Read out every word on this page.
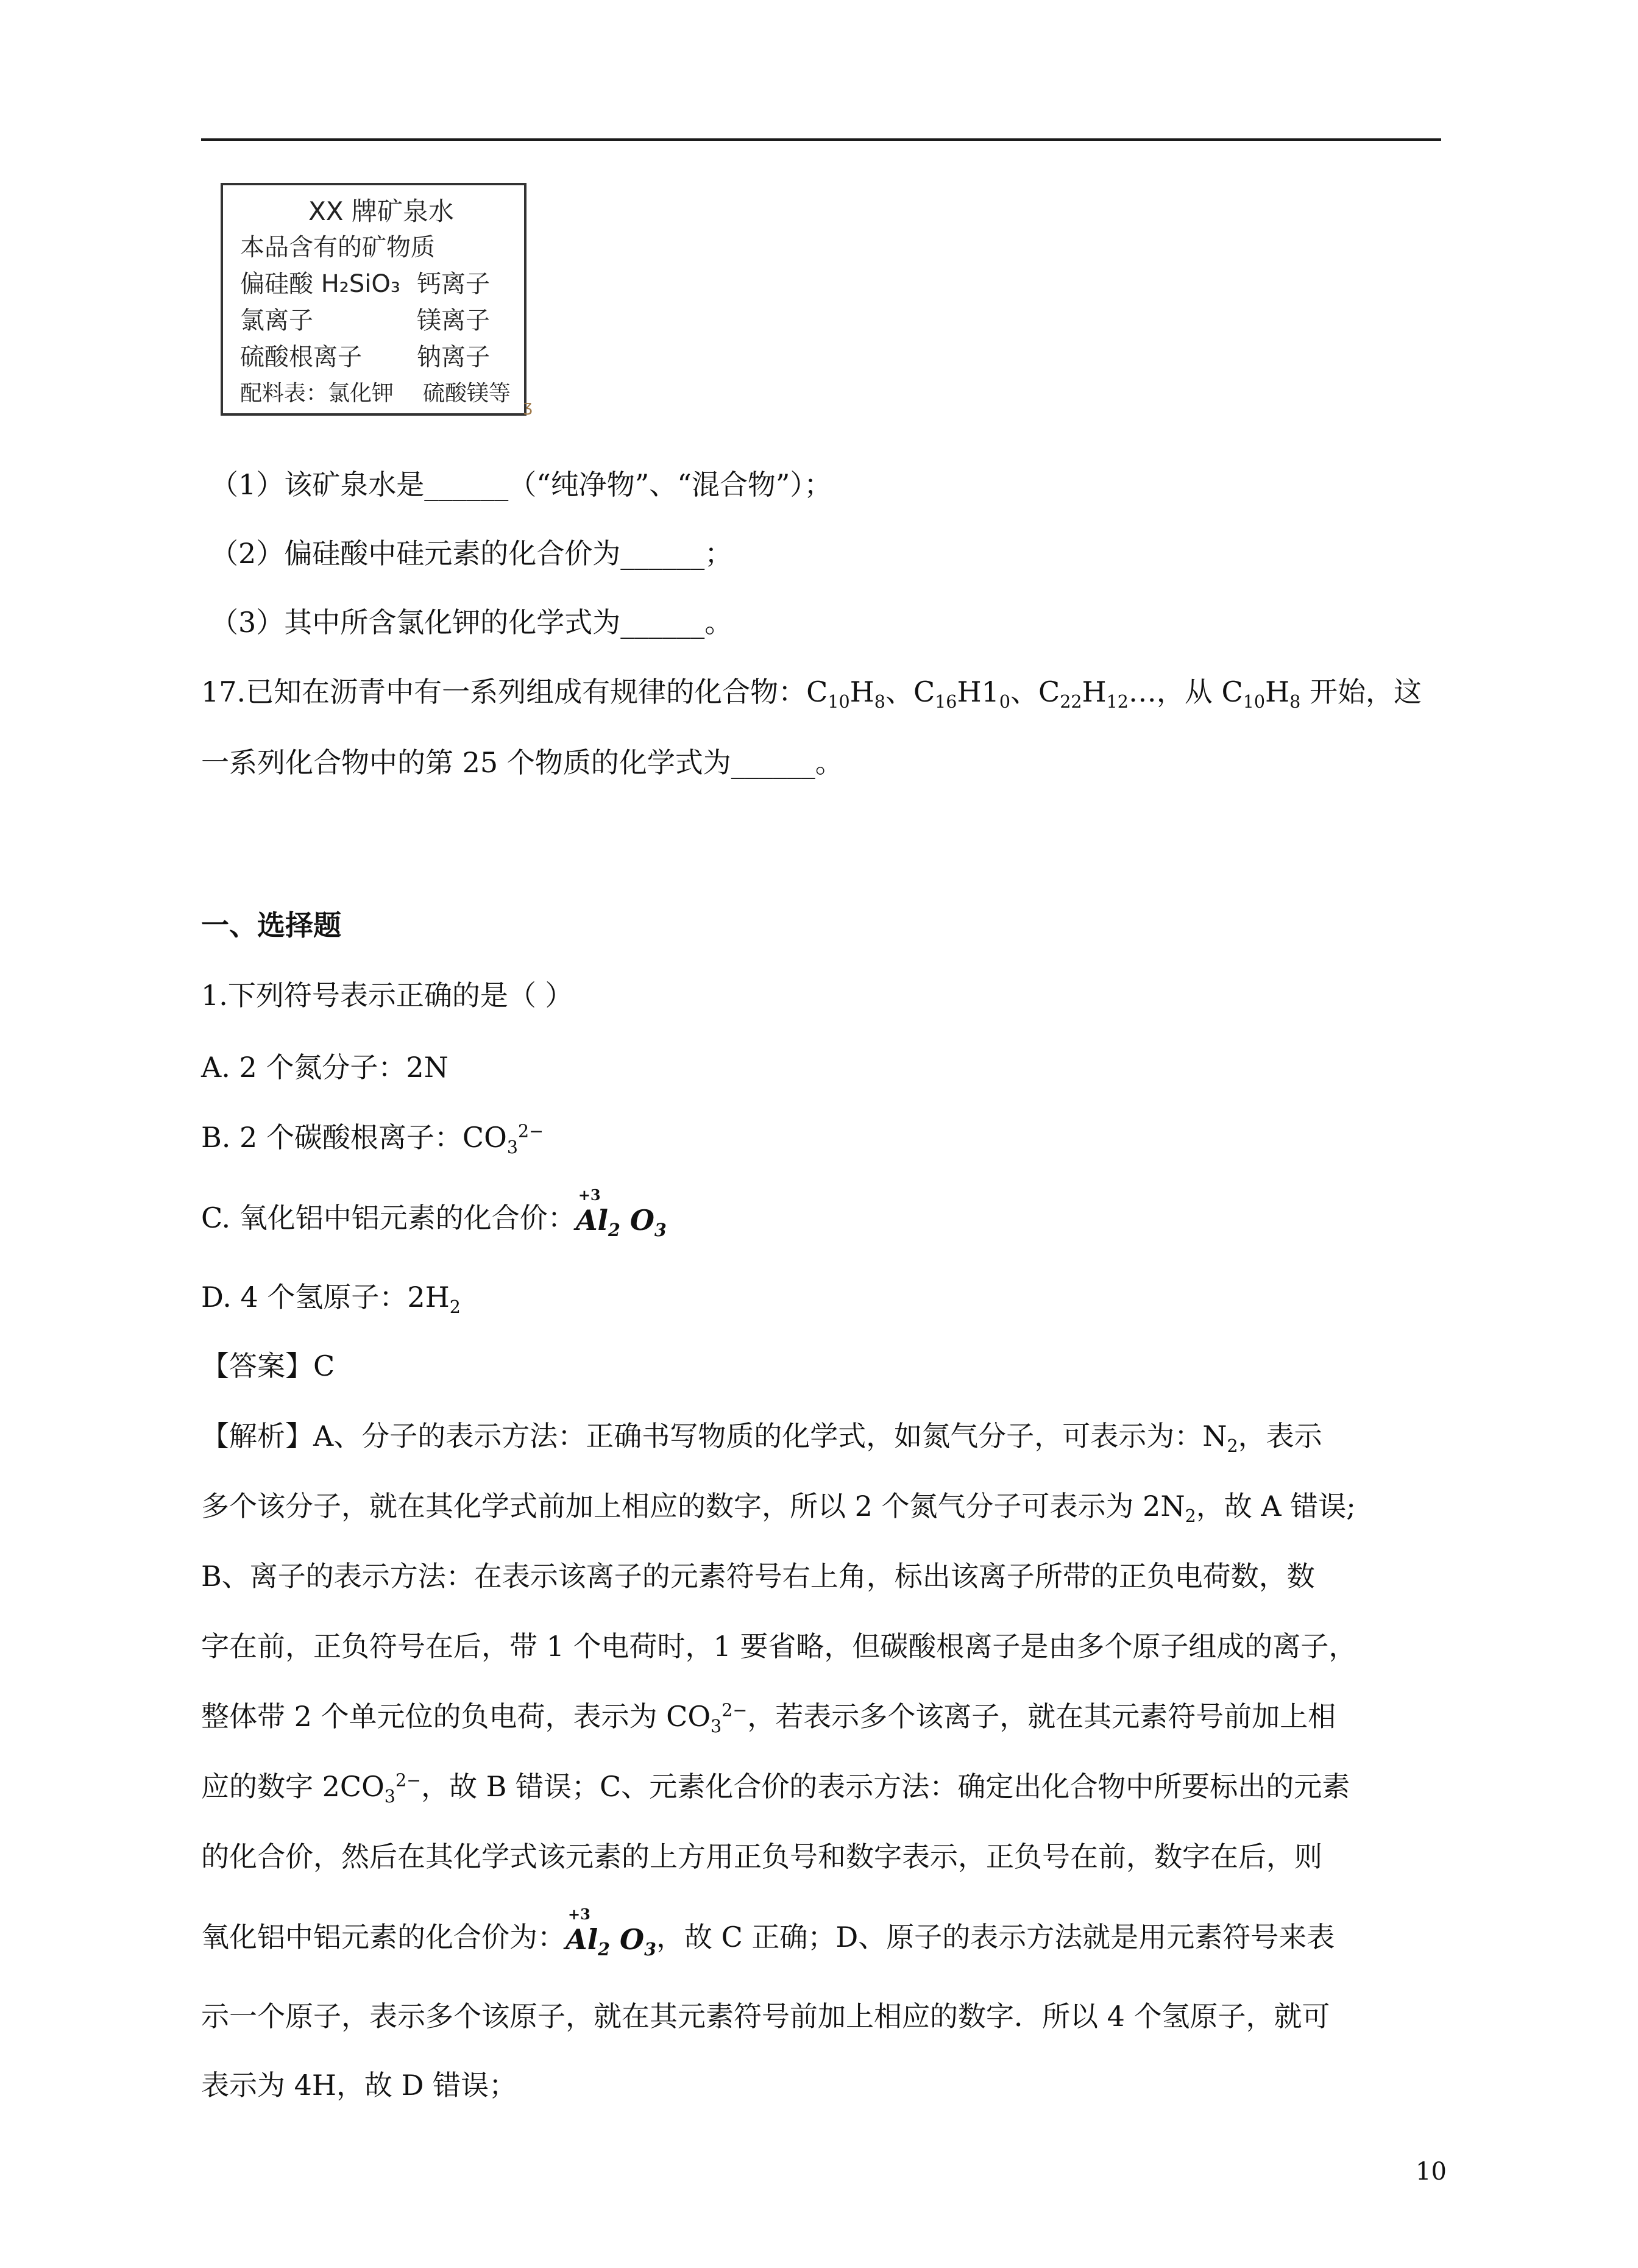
XX 牌矿泉水
本品含有的矿物质
偏硅酸 H₂SiO₃ 钙离子
氯离子	镁离子
硫酸根离子 钠离子
配料表：氯化钾 硫酸镁等
ʒ
（1）该矿泉水是______（“纯净物”、“混合物”）；
（2）偏硅酸中硅元素的化合价为______；
（3）其中所含氯化钾的化学式为______。
17.已知在沥青中有一系列组成有规律的化合物：$C_{10}H_8$、$C_{16}H1_0$、$C_{22}H_{12}\dots$，从 $C_{10}H_8$ 开始，这
一系列化合物中的第 25 个物质的化学式为______。
一、选择题
1.下列符号表示正确的是（ ）
A. 2 个氮分子：2N
B. 2 个碳酸根离子：$CO_3^{2-}$
C. 氧化铝中铝元素的化合价：
+3
$Al_2$ $O_3$
D. 4 个氢原子：$2H_2$
【答案】C
【解析】A、分子的表示方法：正确书写物质的化学式，如氮气分子，可表示为：$N_2$，表示
多个该分子，就在其化学式前加上相应的数字，所以 2 个氮气分子可表示为 $2N_2$，故 A 错误;
B、离子的表示方法：在表示该离子的元素符号右上角，标出该离子所带的正负电荷数，数
字在前，正负符号在后，带 1 个电荷时，1 要省略，但碳酸根离子是由多个原子组成的离子，
整体带 2 个单元位的负电荷，表示为 $CO_3^{2-}$，若表示多个该离子，就在其元素符号前加上相
应的数字 $2CO_3^{2-}$，故 B 错误；C、元素化合价的表示方法：确定出化合物中所要标出的元素
的化合价，然后在其化学式该元素的上方用正负号和数字表示，正负号在前，数字在后，则
氧化铝中铝元素的化合价为：
+3
$Al_2$ $O_3$，故 C 正确；D、原子的表示方法就是用元素符号来表
示一个原子，表示多个该原子，就在其元素符号前加上相应的数字．所以 4 个氢原子，就可
表示为 4H，故 D 错误；
10
